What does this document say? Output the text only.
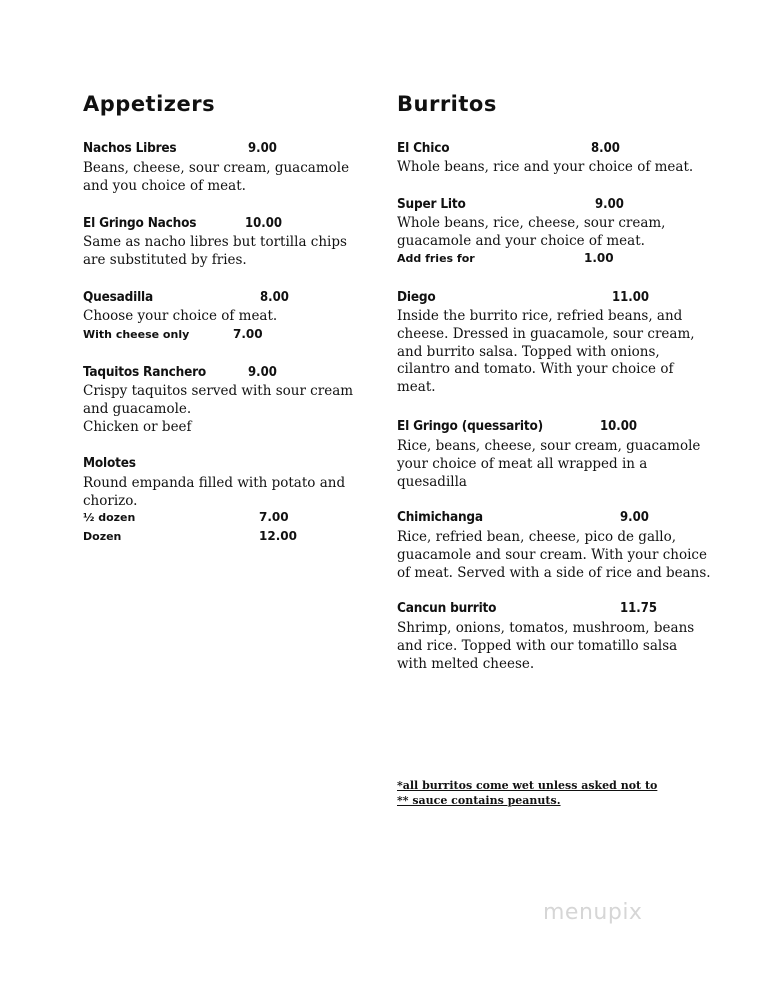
Appetizers
Nachos Libres	9.00
Beans, cheese, sour cream, guacamole
and you choice of meat.
El Gringo Nachos	10.00
Same as nacho libres but tortilla chips
are substituted by fries.
Quesadilla	8.00
Choose your choice of meat.
With cheese only	7.00
Taquitos Ranchero	9.00
Crispy taquitos served with sour cream
and guacamole.
Chicken or beef
Molotes
Round empanda filled with potato and
chorizo.
½ dozen	7.00
Dozen	12.00
Burritos
El Chico	8.00
Whole beans, rice and your choice of meat.
Super Lito	9.00
Whole beans, rice, cheese, sour cream,
guacamole and your choice of meat.
Add fries for	1.00
Diego	11.00
Inside the burrito rice, refried beans, and
cheese. Dressed in guacamole, sour cream,
and burrito salsa. Topped with onions,
cilantro and tomato. With your choice of
meat.
El Gringo (quessarito)	10.00
Rice, beans, cheese, sour cream, guacamole
your choice of meat all wrapped in a
quesadilla
Chimichanga	9.00
Rice, refried bean, cheese, pico de gallo,
guacamole and sour cream. With your choice
of meat. Served with a side of rice and beans.
Cancun burrito	11.75
Shrimp, onions, tomatos, mushroom, beans
and rice. Topped with our tomatillo salsa
with melted cheese.
*all burritos come wet unless asked not to
** sauce contains peanuts.
menupix
